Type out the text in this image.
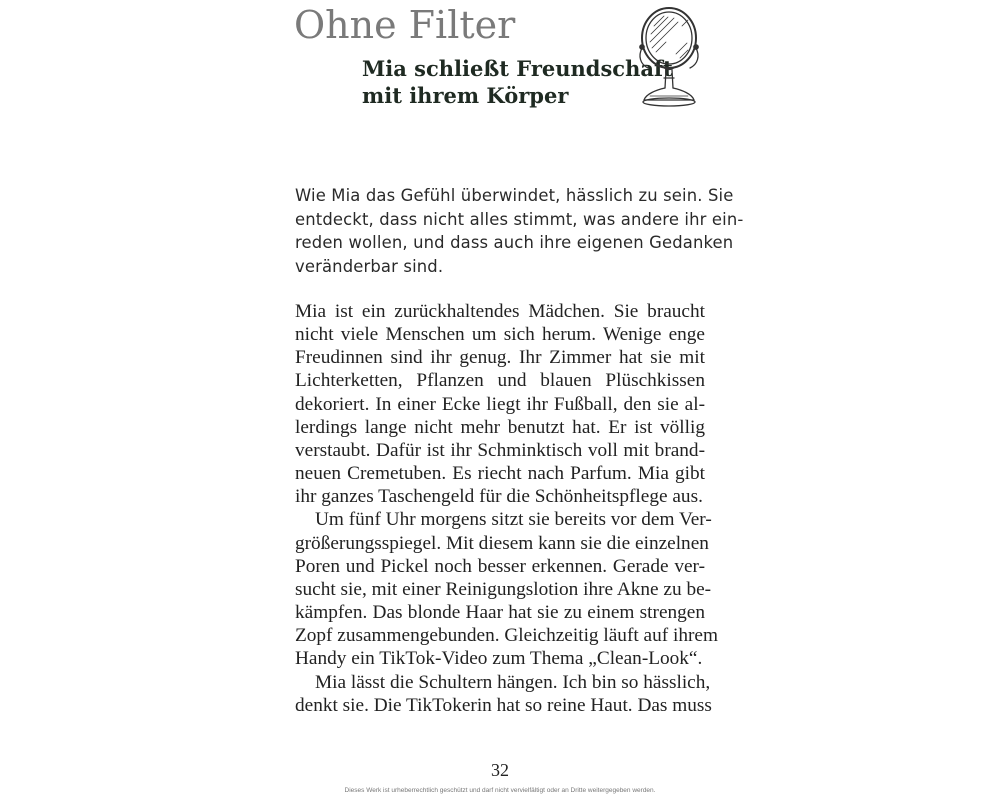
Ohne Filter
Mia schließt Freundschaft
mit ihrem Körper
Wie Mia das Gefühl überwindet, hässlich zu sein. Sie
entdeckt, dass nicht alles stimmt, was andere ihr ein-
reden wollen, und dass auch ihre eigenen Gedanken
veränderbar sind.
Mia ist ein zurückhaltendes Mädchen. Sie braucht
nicht viele Menschen um sich herum. Wenige enge
Freudinnen sind ihr genug. Ihr Zimmer hat sie mit
Lichterketten, Pflanzen und blauen Plüschkissen
dekoriert. In einer Ecke liegt ihr Fußball, den sie al-
lerdings lange nicht mehr benutzt hat. Er ist völlig
verstaubt. Dafür ist ihr Schminktisch voll mit brand-
neuen Cremetuben. Es riecht nach Parfum. Mia gibt
ihr ganzes Taschengeld für die Schönheitspflege aus.
Um fünf Uhr morgens sitzt sie bereits vor dem Ver-
größerungsspiegel. Mit diesem kann sie die einzelnen
Poren und Pickel noch besser erkennen. Gerade ver-
sucht sie, mit einer Reinigungslotion ihre Akne zu be-
kämpfen. Das blonde Haar hat sie zu einem strengen
Zopf zusammengebunden. Gleichzeitig läuft auf ihrem
Handy ein TikTok-Video zum Thema „Clean-Look“.
Mia lässt die Schultern hängen. Ich bin so hässlich,
denkt sie. Die TikTokerin hat so reine Haut. Das muss
32
Dieses Werk ist urheberrechtlich geschützt und darf nicht vervielfältigt oder an Dritte weitergegeben werden.
